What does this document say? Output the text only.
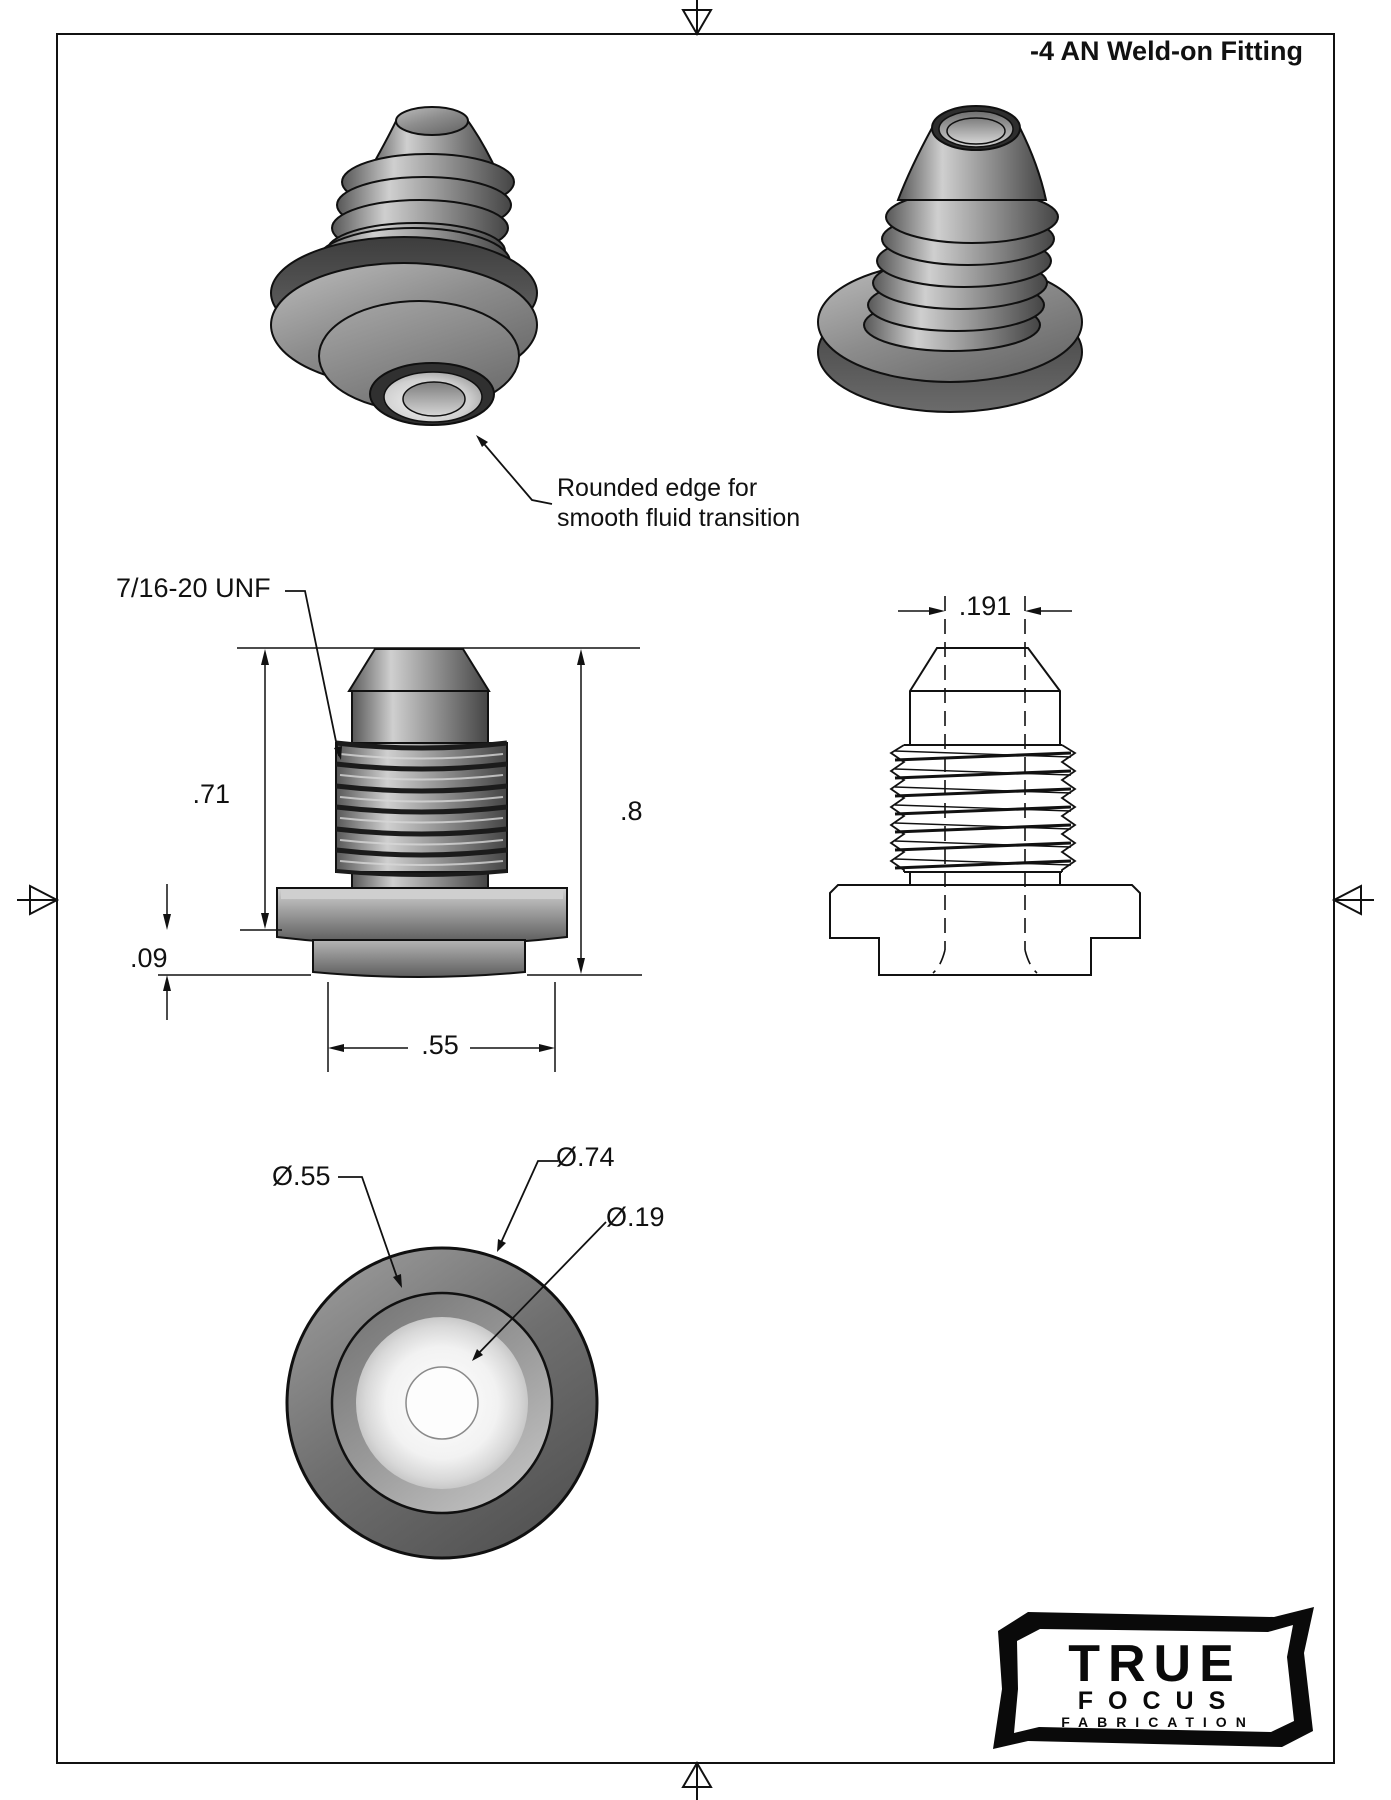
TRUE
FOCUS
FABRICATION
-4 AN Weld-on Fitting
Rounded edge for
smooth fluid transition
7/16-20 UNF
.71
.09
.8
.55
.191
Ø.55
Ø.74
Ø.19
